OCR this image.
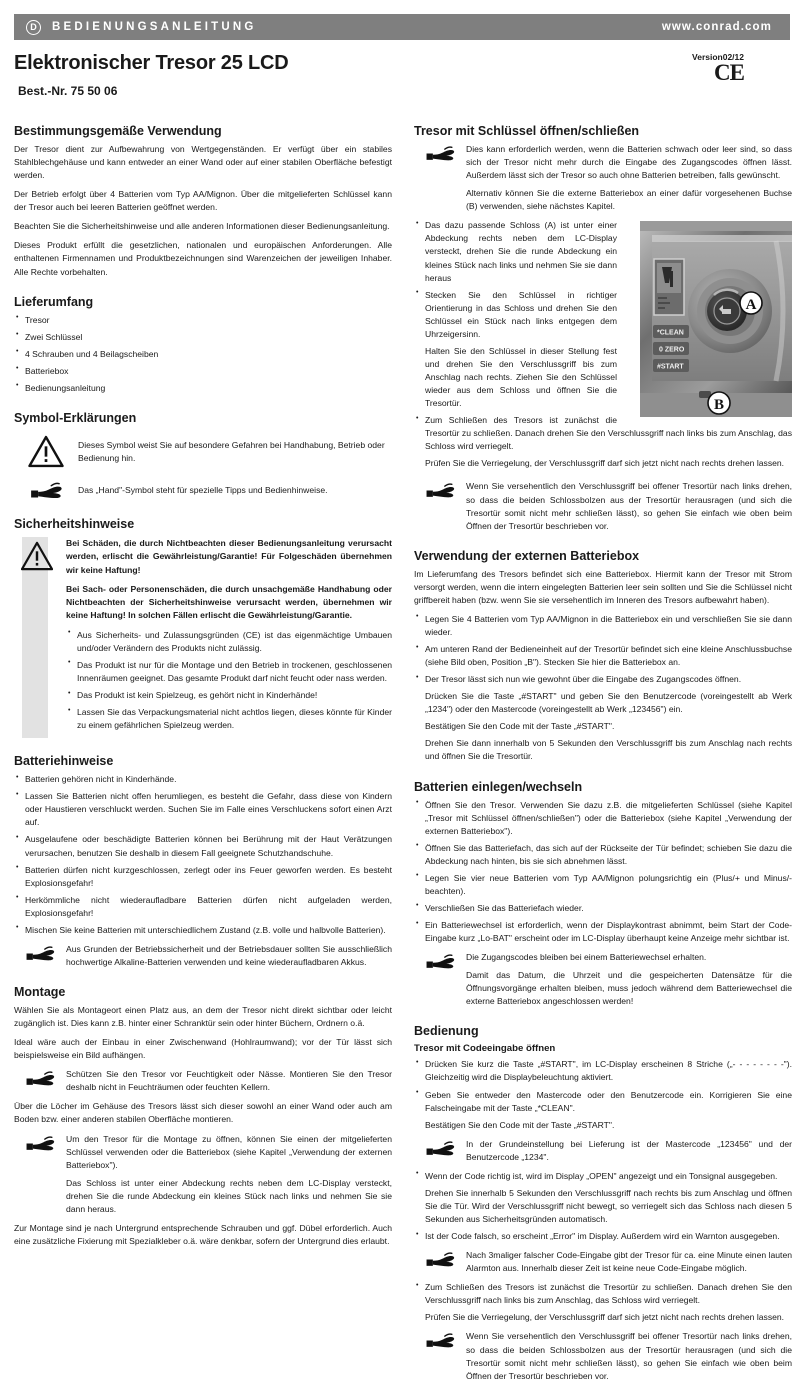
D	BEDIENUNGSANLEITUNG	www.conrad.com
Elektronischer Tresor 25 LCD
Best.-Nr. 75 50 06
Version02/12
CE
Bestimmungsgemäße Verwendung

Der Tresor dient zur Aufbewahrung von Wertgegenständen. Er verfügt über ein stabiles Stahlblechgehäuse und kann entweder an einer Wand oder auf einer stabilen Oberfläche befestigt werden.

Der Betrieb erfolgt über 4 Batterien vom Typ AA/Mignon. Über die mitgelieferten Schlüssel kann der Tresor auch bei leeren Batterien geöffnet werden.

Beachten Sie die Sicherheitshinweise und alle anderen Informationen dieser Bedienungsanleitung.

Dieses Produkt erfüllt die gesetzlichen, nationalen und europäischen Anforderungen. Alle enthaltenen Firmennamen und Produktbezeichnungen sind Warenzeichen der jeweiligen Inhaber. Alle Rechte vorbehalten.

Lieferumfang
• Tresor
• Zwei Schlüssel
• 4 Schrauben und 4 Beilagscheiben
• Batteriebox
• Bedienungsanleitung
Symbol-Erklärungen
Dieses Symbol weist Sie auf besondere Gefahren bei Handhabung, Betrieb oder Bedienung hin.
Das „Hand"-Symbol steht für spezielle Tipps und Bedienhinweise.
Sicherheitshinweise

Bei Schäden, die durch Nichtbeachten dieser Bedienungsanleitung verursacht werden, erlischt die Gewährleistung/Garantie! Für Folgeschäden übernehmen wir keine Haftung!

Bei Sach- oder Personenschäden, die durch unsachgemäße Handhabung oder Nichtbeachten der Sicherheitshinweise verursacht werden, übernehmen wir keine Haftung! In solchen Fällen erlischt die Gewährleistung/Garantie.

• Aus Sicherheits- und Zulassungsgründen (CE) ist das eigenmächtige Umbauen und/oder Verändern des Produkts nicht zulässig.
• Das Produkt ist nur für die Montage und den Betrieb in trockenen, geschlossenen Innenräumen geeignet. Das gesamte Produkt darf nicht feucht oder nass werden.
• Das Produkt ist kein Spielzeug, es gehört nicht in Kinderhände!
• Lassen Sie das Verpackungsmaterial nicht achtlos liegen, dieses könnte für Kinder zu einem gefährlichen Spielzeug werden.
Batteriehinweise
• Batterien gehören nicht in Kinderhände.
• Lassen Sie Batterien nicht offen herumliegen, es besteht die Gefahr, dass diese von Kindern oder Haustieren verschluckt werden. Suchen Sie im Falle eines Verschluckens sofort einen Arzt auf.
• Ausgelaufene oder beschädigte Batterien können bei Berührung mit der Haut Verätzungen verursachen, benutzen Sie deshalb in diesem Fall geeignete Schutzhandschuhe.
• Batterien dürfen nicht kurzgeschlossen, zerlegt oder ins Feuer geworfen werden. Es besteht Explosionsgefahr!
• Herkömmliche nicht wiederaufladbare Batterien dürfen nicht aufgeladen werden, Explosionsgefahr!
• Mischen Sie keine Batterien mit unterschiedlichem Zustand (z.B. volle und halbvolle Batterien).

Aus Grunden der Betriebssicherheit und der Betriebsdauer sollten Sie ausschließlich hochwertige Alkaline-Batterien verwenden und keine wiederaufladbaren Akkus.

Montage

Wählen Sie als Montageort einen Platz aus, an dem der Tresor nicht direkt sichtbar oder leicht zugänglich ist. Dies kann z.B. hinter einer Schranktür sein oder hinter Büchern, Ordnern o.ä.

Ideal wäre auch der Einbau in einer Zwischenwand (Hohlraumwand); vor der Tür lässt sich beispielsweise ein Bild aufhängen.

Schützen Sie den Tresor vor Feuchtigkeit oder Nässe. Montieren Sie den Tresor deshalb nicht in Feuchträumen oder feuchten Kellern.

Über die Löcher im Gehäuse des Tresors lässt sich dieser sowohl an einer Wand oder auch am Boden bzw. einer anderen stabilen Oberfläche montieren.

Um den Tresor für die Montage zu öffnen, können Sie einen der mitgelieferten Schlüssel verwenden oder die Batteriebox (siehe Kapitel „Verwendung der externen Batteriebox").

Das Schloss ist unter einer Abdeckung rechts neben dem LC-Display versteckt, drehen Sie die runde Abdeckung ein kleines Stück nach links und nehmen Sie sie dann heraus.

Zur Montage sind je nach Untergrund entsprechende Schrauben und ggf. Dübel erforderlich. Auch eine zusätzliche Fixierung mit Spezialkleber o.ä. wäre denkbar, sofern der Untergrund dies erlaubt.

Tresor mit Schlüssel öffnen/schließen

Dies kann erforderlich werden, wenn die Batterien schwach oder leer sind, so dass sich der Tresor nicht mehr durch die Eingabe des Zugangscodes öffnen lässt. Außerdem lässt sich der Tresor so auch ohne Batterien betreiben, falls gewünscht.

Alternativ können Sie die externe Batteriebox an einer dafür vorgesehenen Buchse (B) verwenden, siehe nächstes Kapitel.

*CLEAN
0 ZERO
#START
A
B
• Das dazu passende Schloss (A) ist unter einer Abdeckung rechts neben dem LC-Display versteckt, drehen Sie die runde Abdeckung ein kleines Stück nach links und nehmen Sie sie dann heraus
• Stecken Sie den Schlüssel in richtiger Orientierung in das Schloss und drehen Sie den Schlüssel ein Stück nach links entgegen dem Uhrzeigersinn.

Halten Sie den Schlüssel in dieser Stellung fest und drehen Sie den Verschlussgriff bis zum Anschlag nach rechts. Ziehen Sie den Schlüssel wieder aus dem Schloss und öffnen Sie die Tresortür.

• Zum Schließen des Tresors ist zunächst die Tresortür zu schließen. Danach drehen Sie den Verschlussgriff nach links bis zum Anschlag, das Schloss wird verriegelt.

Prüfen Sie die Verriegelung, der Verschlussgriff darf sich jetzt nicht nach rechts drehen lassen.

Wenn Sie versehentlich den Verschlussgriff bei offener Tresortür nach links drehen, so dass die beiden Schlossbolzen aus der Tresortür herausragen (und sich die Tresortür somit nicht mehr schließen lässt), so gehen Sie einfach wie oben beim Öffnen der Tresortür beschrieben vor.

Verwendung der externen Batteriebox

Im Lieferumfang des Tresors befindet sich eine Batteriebox. Hiermit kann der Tresor mit Strom versorgt werden, wenn die intern eingelegten Batterien leer sein sollten und Sie die Schlüssel nicht griffbereit haben (bzw. wenn Sie sie versehentlich im Inneren des Tresors aufbewahrt haben).

• Legen Sie 4 Batterien vom Typ AA/Mignon in die Batteriebox ein und verschließen Sie sie dann wieder.
• Am unteren Rand der Bedieneinheit auf der Tresortür befindet sich eine kleine Anschlussbuchse (siehe Bild oben, Position „B"). Stecken Sie hier die Batteriebox an.
• Der Tresor lässt sich nun wie gewohnt über die Eingabe des Zugangscodes öffnen.

Drücken Sie die Taste „#START" und geben Sie den Benutzercode (voreingestellt ab Werk „1234") oder den Mastercode (voreingestellt ab Werk „123456") ein.

Bestätigen Sie den Code mit der Taste „#START".

Drehen Sie dann innerhalb von 5 Sekunden den Verschlussgriff bis zum Anschlag nach rechts und öffnen Sie die Tresortür.

Batterien einlegen/wechseln
• Öffnen Sie den Tresor. Verwenden Sie dazu z.B. die mitgelieferten Schlüssel (siehe Kapitel „Tresor mit Schlüssel öffnen/schließen") oder die Batteriebox (siehe Kapitel „Verwendung der externen Batteriebox").
• Öffnen Sie das Batteriefach, das sich auf der Rückseite der Tür befindet; schieben Sie dazu die Abdeckung nach hinten, bis sie sich abnehmen lässt.
• Legen Sie vier neue Batterien vom Typ AA/Mignon polungsrichtig ein (Plus/+ und Minus/- beachten).
• Verschließen Sie das Batteriefach wieder.
• Ein Batteriewechsel ist erforderlich, wenn der Displaykontrast abnimmt, beim Start der Code-Eingabe kurz „Lo-BAT" erscheint oder im LC-Display überhaupt keine Anzeige mehr sichtbar ist.

Die Zugangscodes bleiben bei einem Batteriewechsel erhalten.

Damit das Datum, die Uhrzeit und die gespeicherten Datensätze für die Öffnungsvorgänge erhalten bleiben, muss jedoch während dem Batteriewechsel die externe Batteriebox angeschlossen werden!

Bedienung
Tresor mit Codeeingabe öffnen
• Drücken Sie kurz die Taste „#START", im LC-Display erscheinen 8 Striche („- - - - - - - -"). Gleichzeitig wird die Displaybeleuchtung aktiviert.
• Geben Sie entweder den Mastercode oder den Benutzercode ein. Korrigieren Sie eine Falscheingabe mit der Taste „*CLEAN".

Bestätigen Sie den Code mit der Taste „#START".

In der Grundeinstellung bei Lieferung ist der Mastercode „123456" und der Benutzercode „1234".

• Wenn der Code richtig ist, wird im Display „OPEN" angezeigt und ein Tonsignal ausgegeben.

Drehen Sie innerhalb 5 Sekunden den Verschlussgriff nach rechts bis zum Anschlag und öffnen Sie die Tür. Wird der Verschlussgriff nicht bewegt, so verriegelt sich das Schloss nach diesen 5 Sekunden aus Sicherheitsgründen automatisch.

• Ist der Code falsch, so erscheint „Error" im Display. Außerdem wird ein Warnton ausgegeben.

Nach 3maliger falscher Code-Eingabe gibt der Tresor für ca. eine Minute einen lauten Alarmton aus. Innerhalb dieser Zeit ist keine neue Code-Eingabe möglich.

• Zum Schließen des Tresors ist zunächst die Tresortür zu schließen. Danach drehen Sie den Verschlussgriff nach links bis zum Anschlag, das Schloss wird verriegelt.

Prüfen Sie die Verriegelung, der Verschlussgriff darf sich jetzt nicht nach rechts drehen lassen.

Wenn Sie versehentlich den Verschlussgriff bei offener Tresortür nach links drehen, so dass die beiden Schlossbolzen aus der Tresortür herausragen (und sich die Tresortür somit nicht mehr schließen lässt), so gehen Sie einfach wie oben beim Öffnen der Tresortür beschrieben vor.
